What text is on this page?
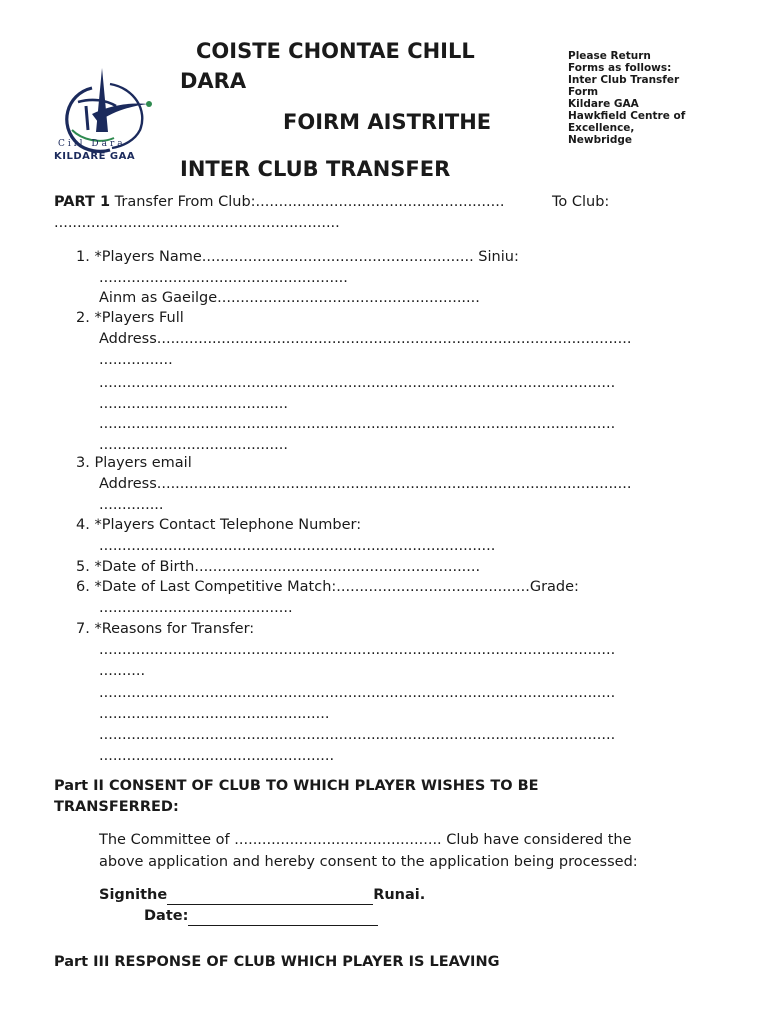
Cill Dara
KILDARE GAA
COISTE CHONTAE CHILL
DARA
FOIRM AISTRITHE
INTER CLUB TRANSFER
Please Return
Forms as follows:
Inter Club Transfer
Form
Kildare GAA
Hawkfield Centre of
Excellence,
Newbridge
PART 1 Transfer From Club:......................................................	To Club:
..............................................................
1. *Players Name........................................................... Siniu:
......................................................
Ainm as Gaeilge.........................................................
2. *Players Full
Address.......................................................................................................
................
................................................................................................................
.........................................
................................................................................................................
.........................................
3. Players email
Address.......................................................................................................
..............
4. *Players Contact Telephone Number:
......................................................................................
5. *Date of Birth..............................................................
6. *Date of Last Competitive Match:..........................................Grade:
..........................................
7. *Reasons for Transfer:
................................................................................................................
..........
................................................................................................................
..................................................
................................................................................................................
...................................................
Part II CONSENT OF CLUB TO WHICH PLAYER WISHES TO BE
TRANSFERRED:
The Committee of ............................................. Club have considered the
above application and hereby consent to the application being processed:
Signithe	Runai.
Date:
Part III RESPONSE OF CLUB WHICH PLAYER IS LEAVING
